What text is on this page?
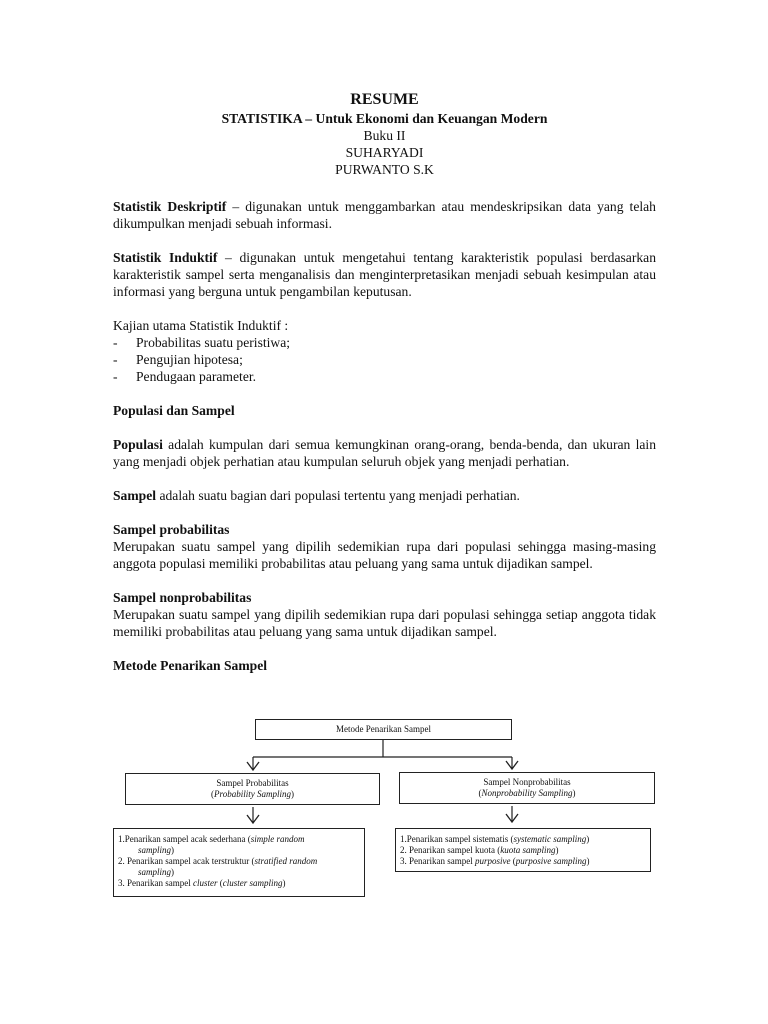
RESUME

STATISTIKA – Untuk Ekonomi dan Keuangan Modern

Buku II

SUHARYADI

PURWANTO S.K

Statistik Deskriptif – digunakan untuk menggambarkan atau mendeskripsikan data yang telah dikumpulkan menjadi sebuah informasi.

Statistik Induktif – digunakan untuk mengetahui tentang karakteristik populasi berdasarkan karakteristik sampel serta menganalisis dan menginterpretasikan menjadi sebuah kesimpulan atau informasi yang berguna untuk pengambilan keputusan.

Kajian utama Statistik Induktif :

- Probabilitas suatu peristiwa;
- Pengujian hipotesa;
- Pendugaan parameter.

Populasi dan Sampel

Populasi adalah kumpulan dari semua kemungkinan orang-orang, benda-benda, dan ukuran lain yang menjadi objek perhatian atau kumpulan seluruh objek yang menjadi perhatian.

Sampel adalah suatu bagian dari populasi tertentu yang menjadi perhatian.

Sampel probabilitas

Merupakan suatu sampel yang dipilih sedemikian rupa dari populasi sehingga masing-masing anggota populasi memiliki probabilitas atau peluang yang sama untuk dijadikan sampel.

Sampel nonprobabilitas

Merupakan suatu sampel yang dipilih sedemikian rupa dari populasi sehingga setiap anggota tidak memiliki probabilitas atau peluang yang sama untuk dijadikan sampel.

Metode Penarikan Sampel

Metode Penarikan Sampel
Sampel Probabilitas
(Probability Sampling)
Sampel Nonprobabilitas
(Nonprobability Sampling)
1.Penarikan sampel acak sederhana (simple random
sampling)
2. Penarikan sampel acak terstruktur (stratified random
sampling)
3. Penarikan sampel cluster (cluster sampling)
1.Penarikan sampel sistematis (systematic sampling)
2. Penarikan sampel kuota (kuota sampling)
3. Penarikan sampel purposive (purposive sampling)
